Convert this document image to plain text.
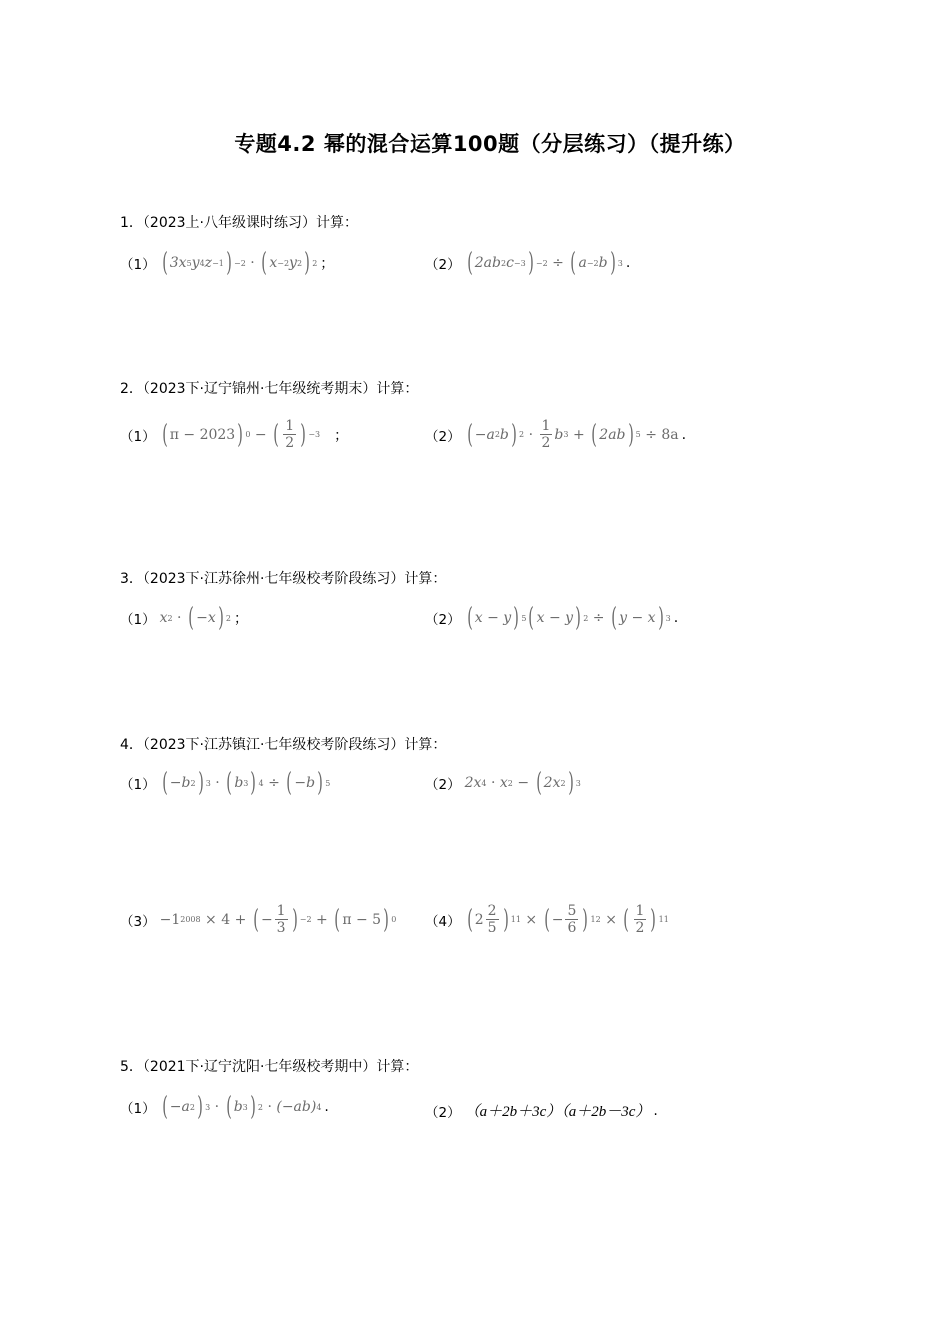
专题4.2 幂的混合运算100题（分层练习）（提升练）
1．（2023上·八年级课时练习）计算：
（1） ( 3x 5 y 4 z −1 ) −2 · ( x −2 y 2 ) 2 ；	（2） ( 2ab 2 c −3 ) −2
÷
( a −2 b ) 3 .
2．（2023下·辽宁锦州·七年级统考期末）计算：
（1） ( π − 2023 ) 0
−
( $\frac{1}{2}$ ) −3 ；	（2） ( −a 2 b ) $2 \cdot \frac{1}{2}$ b 3
+
( 2ab ) 5
÷ 8a .
3．（2023下·江苏徐州·七年级校考阶段练习）计算：
（1） x 2 · ( −x ) 2 ；	（2） ( x − y ) 5 ( x − y ) 2
÷
( y − x ) 3 .
4．（2023下·江苏镇江·七年级校考阶段练习）计算：
（1） ( −b 2 ) 3 · ( b 3 ) 4
÷
( −b ) 5	（2） 2x 4 · x 2
−
( 2x 2 ) 3
（3） −1 2008
× 4 +
( − $\frac{1}{3}$ ) −2
+
( π − 5 ) 0 （4） ( $2 \frac{2}{5}$ ) 11
×
( − $\frac{5}{6}$ ) 12
×
( $\frac{1}{2}$ ) 11
5．（2021下·辽宁沈阳·七年级校考期中）计算：
（1） ( −a 2 ) 3 · ( b 3 ) 2 · (−ab) 4 .	（2） （a＋2b＋3c）（a＋2b－3c） .
